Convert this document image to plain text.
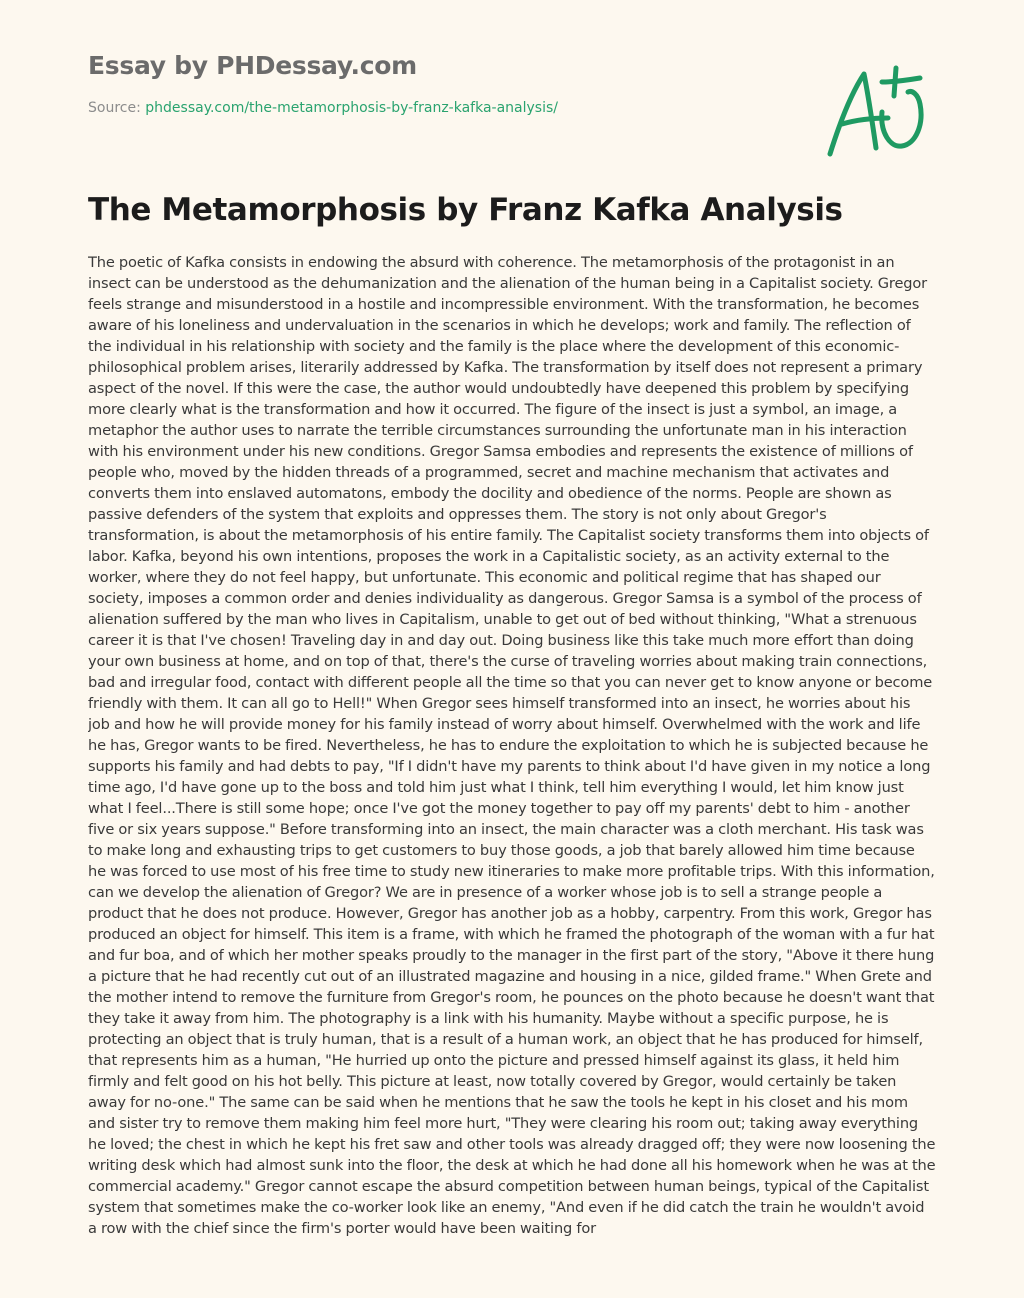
Essay by PHDessay.com
Source: phdessay.com/the-metamorphosis-by-franz-kafka-analysis/
The Metamorphosis by Franz Kafka Analysis

The poetic of Kafka consists in endowing the absurd with coherence. The metamorphosis of the protagonist in an insect can be understood as the dehumanization and the alienation of the human being in a Capitalist society. Gregor feels strange and misunderstood in a hostile and incompressible environment. With the transformation, he becomes aware of his loneliness and undervaluation in the scenarios in which he develops; work and family. The reflection of the individual in his relationship with society and the family is the place where the development of this economic-philosophical problem arises, literarily addressed by Kafka. The transformation by itself does not represent a primary aspect of the novel. If this were the case, the author would undoubtedly have deepened this problem by specifying more clearly what is the transformation and how it occurred. The figure of the insect is just a symbol, an image, a metaphor the author uses to narrate the terrible circumstances surrounding the unfortunate man in his interaction with his environment under his new conditions. Gregor Samsa embodies and represents the existence of millions of people who, moved by the hidden threads of a programmed, secret and machine mechanism that activates and converts them into enslaved automatons, embody the docility and obedience of the norms. People are shown as passive defenders of the system that exploits and oppresses them. The story is not only about Gregor's transformation, is about the metamorphosis of his entire family. The Capitalist society transforms them into objects of labor. Kafka, beyond his own intentions, proposes the work in a Capitalistic society, as an activity external to the worker, where they do not feel happy, but unfortunate. This economic and political regime that has shaped our society, imposes a common order and denies individuality as dangerous. Gregor Samsa is a symbol of the process of alienation suffered by the man who lives in Capitalism, unable to get out of bed without thinking, "What a strenuous career it is that I've chosen! Traveling day in and day out. Doing business like this take much more effort than doing your own business at home, and on top of that, there's the curse of traveling worries about making train connections, bad and irregular food, contact with different people all the time so that you can never get to know anyone or become friendly with them. It can all go to Hell!" When Gregor sees himself transformed into an insect, he worries about his job and how he will provide money for his family instead of worry about himself. Overwhelmed with the work and life he has, Gregor wants to be fired. Nevertheless, he has to endure the exploitation to which he is subjected because he supports his family and had debts to pay, "If I didn't have my parents to think about I'd have given in my notice a long time ago, I'd have gone up to the boss and told him just what I think, tell him everything I would, let him know just what I feel...There is still some hope; once I've got the money together to pay off my parents' debt to him - another five or six years suppose." Before transforming into an insect, the main character was a cloth merchant. His task was to make long and exhausting trips to get customers to buy those goods, a job that barely allowed him time because he was forced to use most of his free time to study new itineraries to make more profitable trips. With this information, can we develop the alienation of Gregor? We are in presence of a worker whose job is to sell a strange people a product that he does not produce. However, Gregor has another job as a hobby, carpentry. From this work, Gregor has produced an object for himself. This item is a frame, with which he framed the photograph of the woman with a fur hat and fur boa, and of which her mother speaks proudly to the manager in the first part of the story, "Above it there hung a picture that he had recently cut out of an illustrated magazine and housing in a nice, gilded frame." When Grete and the mother intend to remove the furniture from Gregor's room, he pounces on the photo because he doesn't want that they take it away from him. The photography is a link with his humanity. Maybe without a specific purpose, he is protecting an object that is truly human, that is a result of a human work, an object that he has produced for himself, that represents him as a human, "He hurried up onto the picture and pressed himself against its glass, it held him firmly and felt good on his hot belly. This picture at least, now totally covered by Gregor, would certainly be taken away for no-one." The same can be said when he mentions that he saw the tools he kept in his closet and his mom and sister try to remove them making him feel more hurt, "They were clearing his room out; taking away everything he loved; the chest in which he kept his fret saw and other tools was already dragged off; they were now loosening the writing desk which had almost sunk into the floor, the desk at which he had done all his homework when he was at the commercial academy." Gregor cannot escape the absurd competition between human beings, typical of the Capitalist system that sometimes make the co-worker look like an enemy, "And even if he did catch the train he wouldn't avoid a row with the chief since the firm's porter would have been waiting for
